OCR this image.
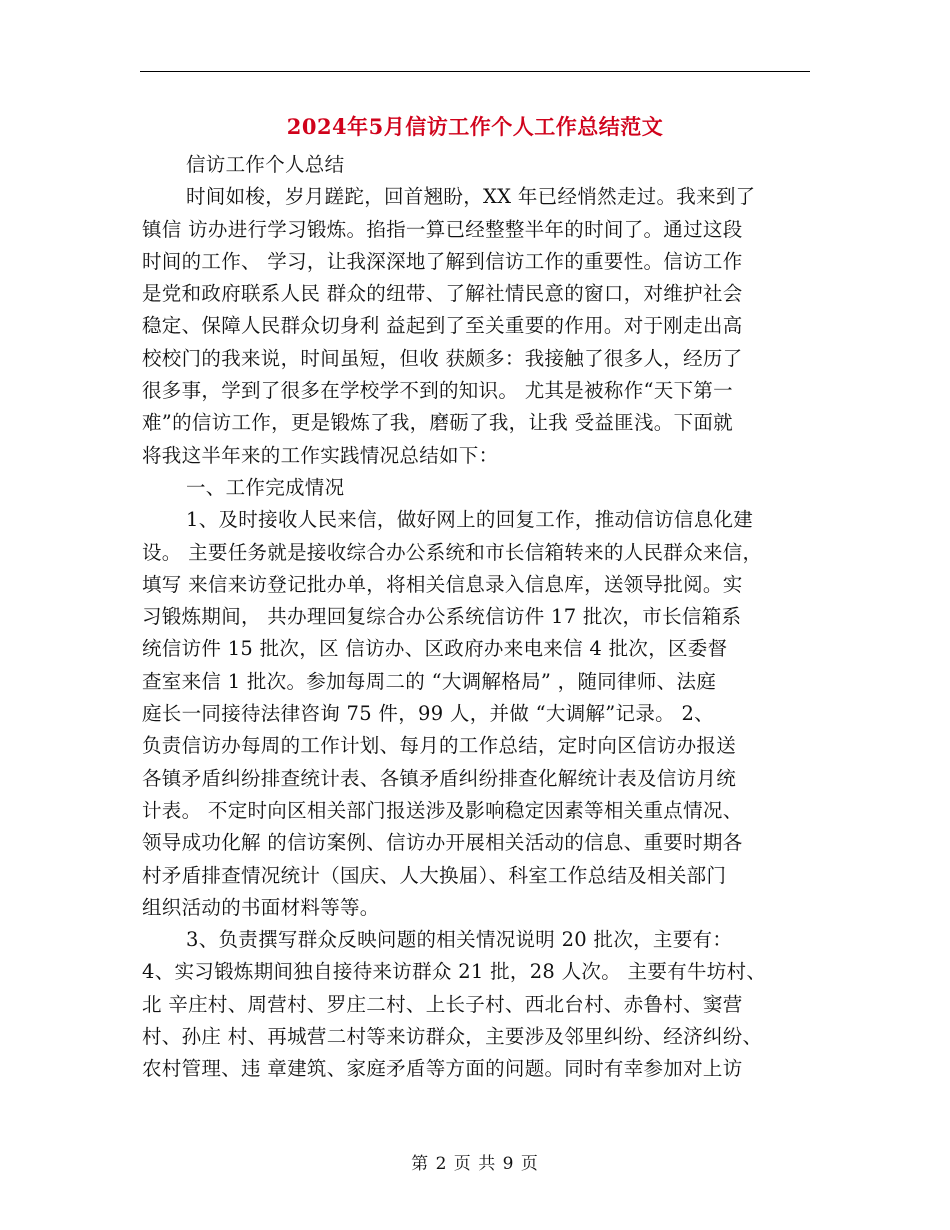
2024年5月信访工作个人工作总结范文
信访工作个人总结
时间如梭，岁月蹉跎，回首翘盼，XX 年已经悄然走过。我来到了
镇信 访办进行学习锻炼。掐指一算已经整整半年的时间了。通过这段
时间的工作、 学习，让我深深地了解到信访工作的重要性。信访工作
是党和政府联系人民 群众的纽带、了解社情民意的窗口，对维护社会
稳定、保障人民群众切身利 益起到了至关重要的作用。对于刚走出高
校校门的我来说，时间虽短，但收 获颇多：我接触了很多人，经历了
很多事，学到了很多在学校学不到的知识。 尤其是被称作“天下第一
难”的信访工作，更是锻炼了我，磨砺了我，让我 受益匪浅。下面就
将我这半年来的工作实践情况总结如下：
一、工作完成情况
1、及时接收人民来信，做好网上的回复工作，推动信访信息化建
设。 主要任务就是接收综合办公系统和市长信箱转来的人民群众来信，
填写 来信来访登记批办单，将相关信息录入信息库，送领导批阅。实
习锻炼期间， 共办理回复综合办公系统信访件 17 批次，市长信箱系
统信访件 15 批次，区 信访办、区政府办来电来信 4 批次，区委督
查室来信 1 批次。参加每周二的 “大调解格局” ，随同律师、法庭
庭长一同接待法律咨询 75 件，99 人，并做 “大调解”记录。 2、
负责信访办每周的工作计划、每月的工作总结，定时向区信访办报送
各镇矛盾纠纷排查统计表、各镇矛盾纠纷排查化解统计表及信访月统
计表。 不定时向区相关部门报送涉及影响稳定因素等相关重点情况、
领导成功化解 的信访案例、信访办开展相关活动的信息、重要时期各
村矛盾排查情况统计（国庆、人大换届）、科室工作总结及相关部门
组织活动的书面材料等等。
3、负责撰写群众反映问题的相关情况说明 20 批次，主要有：
4、实习锻炼期间独自接待来访群众 21 批，28 人次。 主要有牛坊村、
北 辛庄村、周营村、罗庄二村、上长子村、西北台村、赤鲁村、窦营
村、孙庄 村、再城营二村等来访群众，主要涉及邻里纠纷、经济纠纷、
农村管理、违 章建筑、家庭矛盾等方面的问题。同时有幸参加对上访
第 2 页 共 9 页
